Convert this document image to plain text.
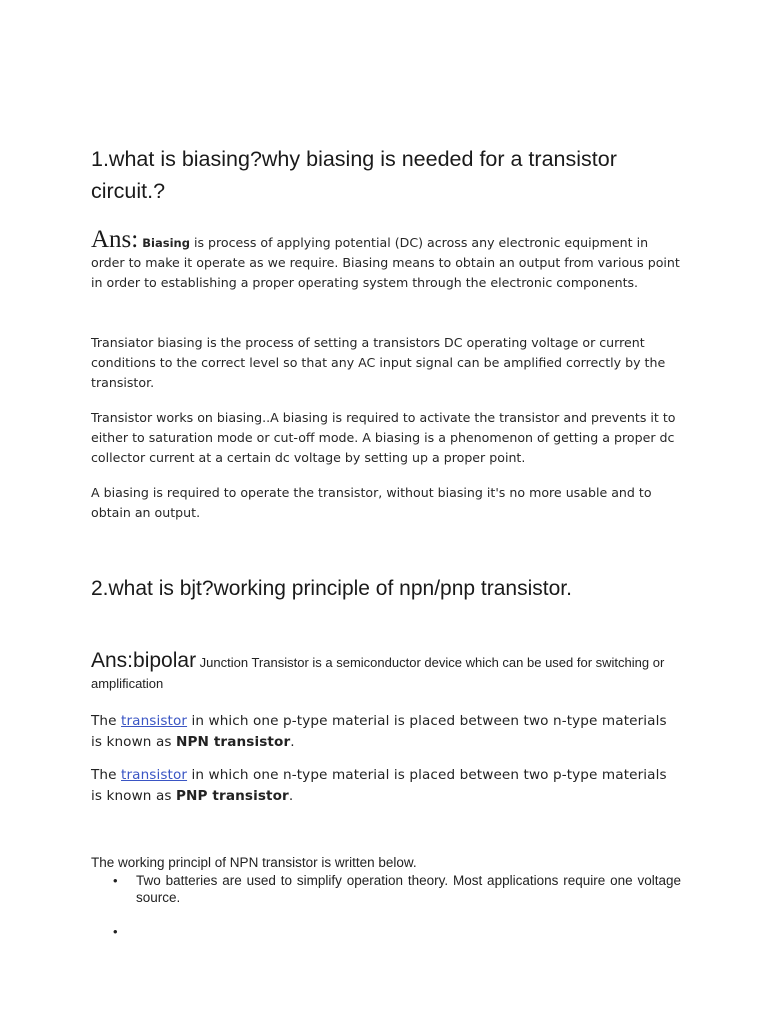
1.what is biasing?why biasing is needed for a transistor circuit.?
Ans: Biasing is process of applying potential (DC) across any electronic equipment in order to make it operate as we require. Biasing means to obtain an output from various point in order to establishing a proper operating system through the electronic components.

Transiator biasing is the process of setting a transistors DC operating voltage or current conditions to the correct level so that any AC input signal can be amplified correctly by the transistor.

Transistor works on biasing..A biasing is required to activate the transistor and prevents it to either to saturation mode or cut-off mode. A biasing is a phenomenon of getting a proper dc collector current at a certain dc voltage by setting up a proper point.

A biasing is required to operate the transistor, without biasing it's no more usable and to obtain an output.

2.what is bjt?working principle of npn/pnp transistor.
Ans:bipolar Junction Transistor is a semiconductor device which can be used for switching or amplification

The transistor in which one p-type material is placed between two n-type materials is known as NPN transistor.

The transistor in which one n-type material is placed between two p-type materials is known as PNP transistor.

The working principl of NPN transistor is written below.

• Two batteries are used to simplify operation theory. Most applications require one voltage source.
•
